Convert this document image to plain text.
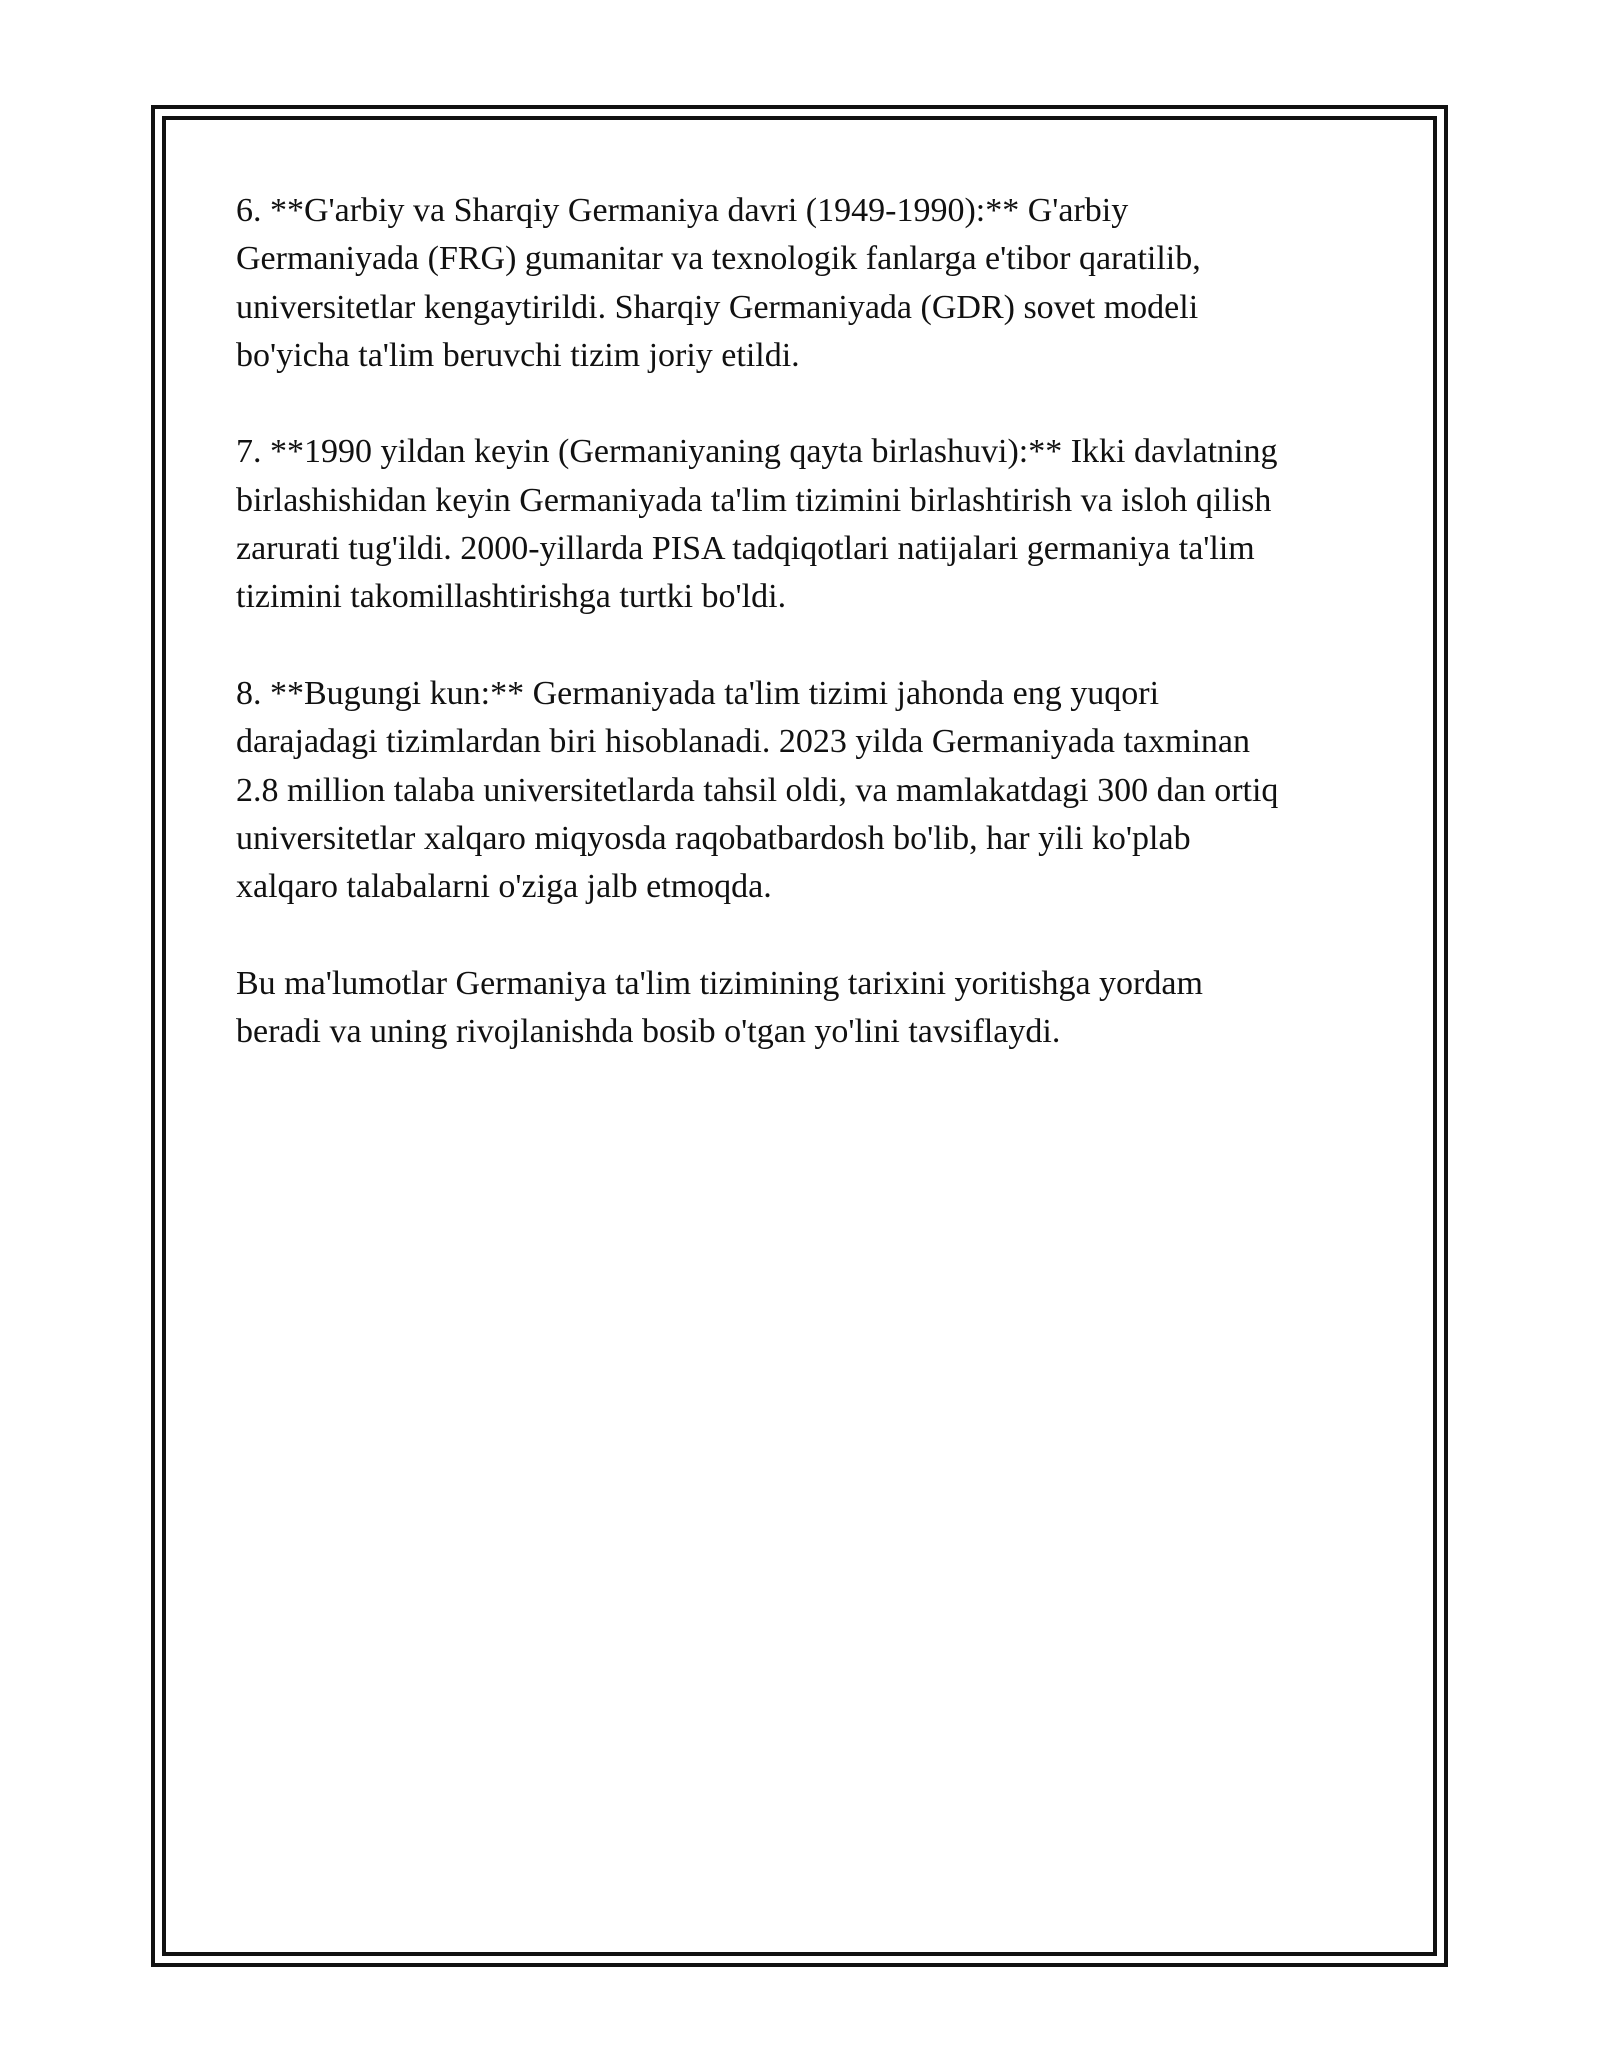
6. **G'arbiy va Sharqiy Germaniya davri (1949-1990):** G'arbiy
Germaniyada (FRG) gumanitar va texnologik fanlarga e'tibor qaratilib,
universitetlar kengaytirildi. Sharqiy Germaniyada (GDR) sovet modeli
bo'yicha ta'lim beruvchi tizim joriy etildi.

7. **1990 yildan keyin (Germaniyaning qayta birlashuvi):** Ikki davlatning
birlashishidan keyin Germaniyada ta'lim tizimini birlashtirish va isloh qilish
zarurati tug'ildi. 2000-yillarda PISA tadqiqotlari natijalari germaniya ta'lim
tizimini takomillashtirishga turtki bo'ldi.

8. **Bugungi kun:** Germaniyada ta'lim tizimi jahonda eng yuqori
darajadagi tizimlardan biri hisoblanadi. 2023 yilda Germaniyada taxminan
2.8 million talaba universitetlarda tahsil oldi, va mamlakatdagi 300 dan ortiq
universitetlar xalqaro miqyosda raqobatbardosh bo'lib, har yili ko'plab
xalqaro talabalarni o'ziga jalb etmoqda.

Bu ma'lumotlar Germaniya ta'lim tizimining tarixini yoritishga yordam
beradi va uning rivojlanishda bosib o'tgan yo'lini tavsiflaydi.
